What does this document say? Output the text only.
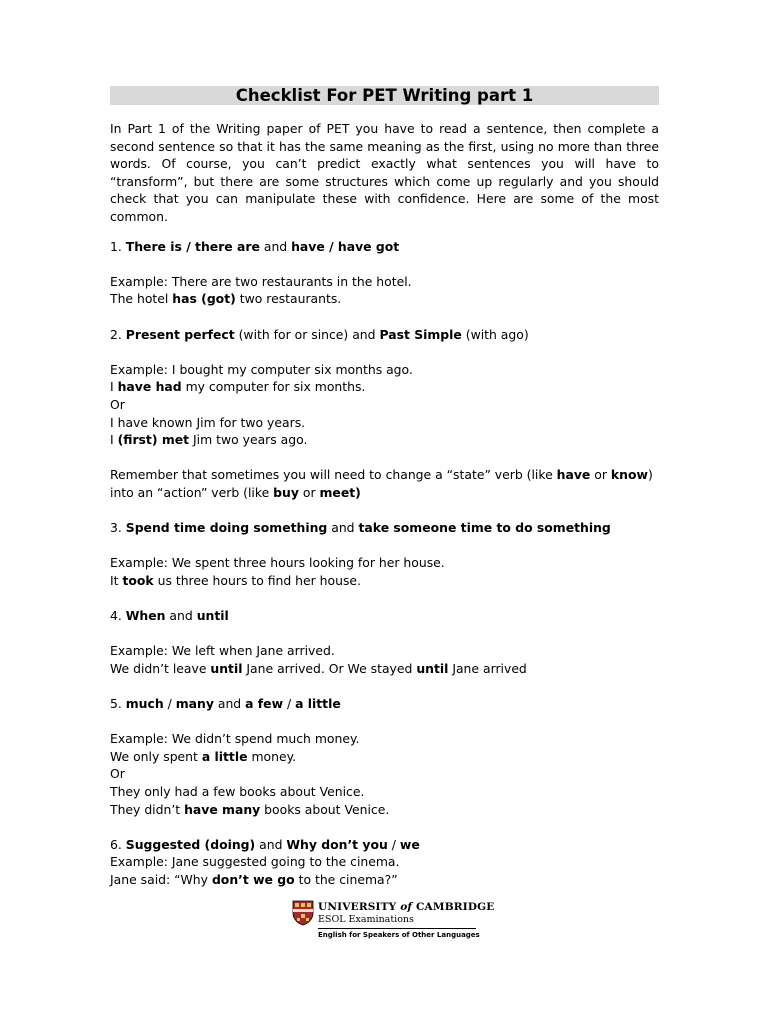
Checklist For PET Writing part 1

In Part 1 of the Writing paper of PET you have to read a sentence, then complete a second sentence so that it has the same meaning as the first, using no more than three words. Of course, you can’t predict exactly what sentences you will have to “transform”, but there are some structures which come up regularly and you should check that you can manipulate these with confidence. Here are some of the most common.

1. There is / there are and have / have got

Example: There are two restaurants in the hotel.
The hotel has (got) two restaurants.

2. Present perfect (with for or since) and Past Simple (with ago)

Example: I bought my computer six months ago.
I have had my computer for six months.
Or
I have known Jim for two years.
I (first) met Jim two years ago.

Remember that sometimes you will need to change a “state” verb (like have or know)
into an “action” verb (like buy or meet)

3. Spend time doing something and take someone time to do something

Example: We spent three hours looking for her house.
It took us three hours to find her house.

4. When and until

Example: We left when Jane arrived.
We didn’t leave until Jane arrived. Or We stayed until Jane arrived

5. much / many and a few / a little

Example: We didn’t spend much money.
We only spent a little money.
Or
They only had a few books about Venice.
They didn’t have many books about Venice.

6. Suggested (doing) and Why don’t you / we
Example: Jane suggested going to the cinema.
Jane said: “Why don’t we go to the cinema?”

UNIVERSITY of CAMBRIDGE
ESOL Examinations
English for Speakers of Other Languages
